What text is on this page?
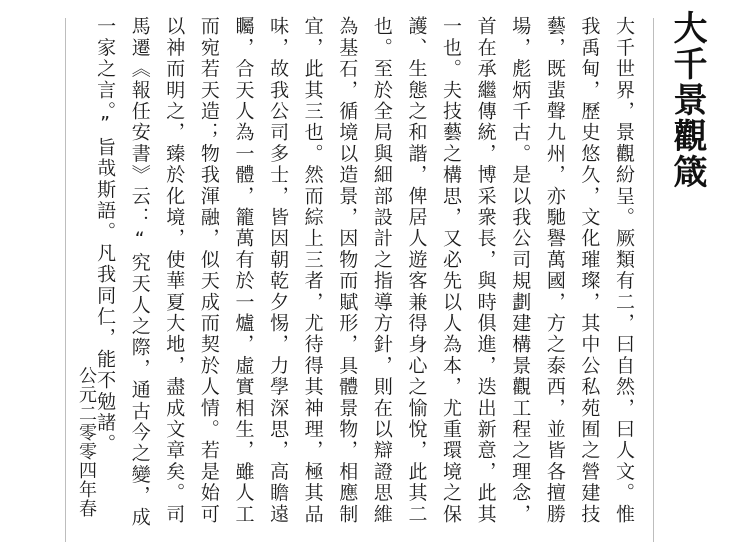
大千景觀箴
大千世界，景觀紛呈。厥類有二，曰自然，曰人文。惟
我禹甸，歷史悠久，文化璀璨，其中公私苑囿之營建技
藝，既蜚聲九州，亦馳譽萬國，方之泰西，並皆各擅勝
場，彪炳千古。是以我公司規劃建構景觀工程之理念，
首在承繼傳統，博采衆長，與時俱進，迭出新意，此其
一也。夫技藝之構思，又必先以人為本，尤重環境之保
護、生態之和諧，俾居人遊客兼得身心之愉悅，此其二
也。至於全局與細部設計之指導方針，則在以辯證思維
為基石，循境以造景，因物而賦形，具體景物，相應制
宜，此其三也。然而綜上三者，尤待得其神理，極其品
味，故我公司多士，皆因朝乾夕惕，力學深思，高瞻遠
矚，合天人為一體，籠萬有於一爐，虛實相生，雖人工
而宛若天造；物我渾融，似天成而契於人情。若是始可
以神而明之，臻於化境，使華夏大地，盡成文章矣。司
馬遷《報任安書》云：“究天人之際，通古今之變，成
一家之言。”旨哉斯語。凡我同仁，能不勉諸。
公元二零零四年春
